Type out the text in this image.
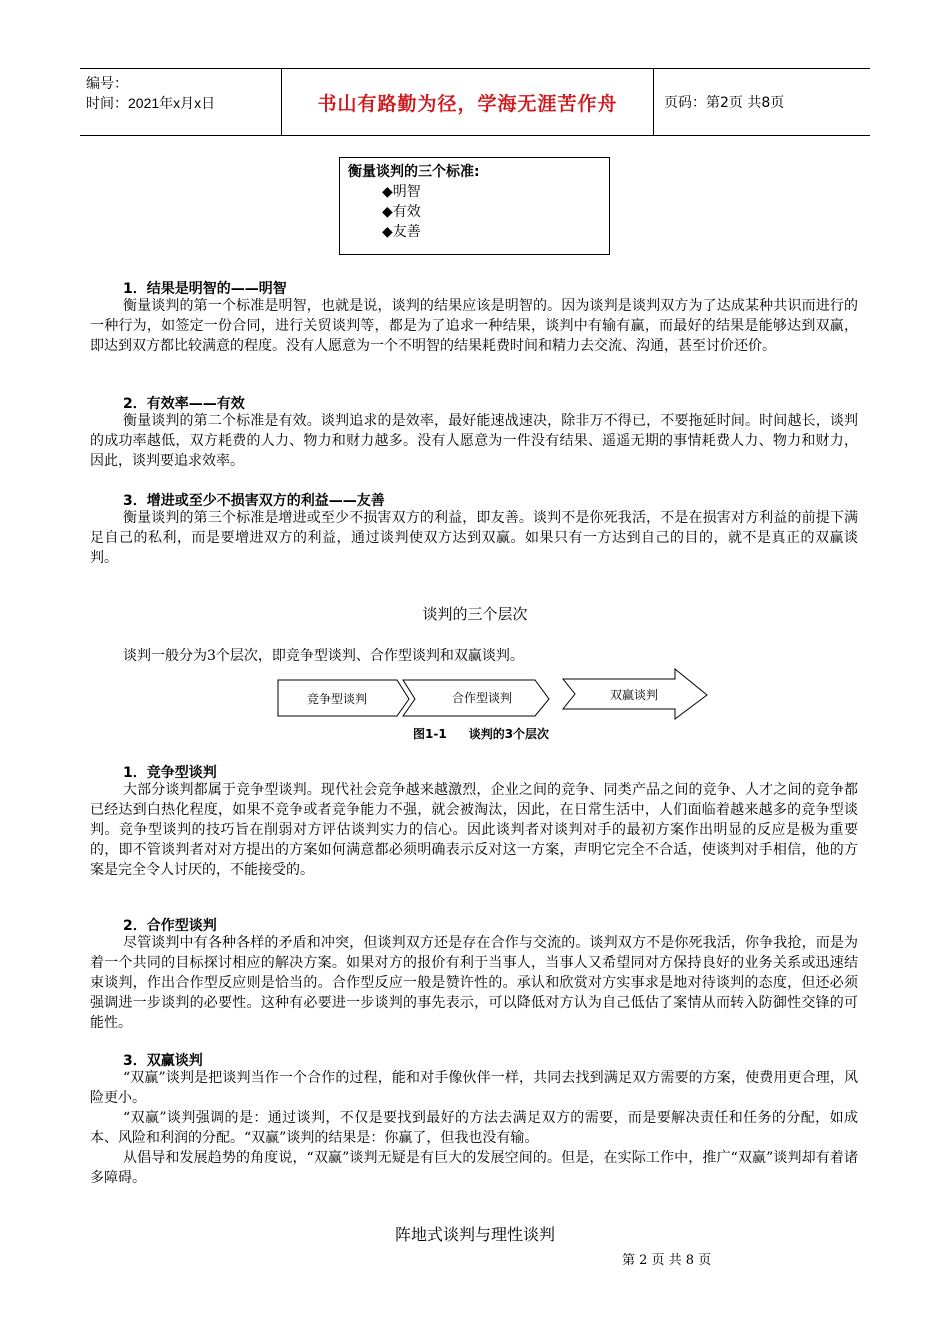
编号：
时间：2021年x月x日	书山有路勤为径，学海无涯苦作舟	页码：第2页 共8页
衡量谈判的三个标准:
◆明智
◆有效
◆友善
1．结果是明智的——明智
衡量谈判的第一个标准是明智，也就是说，谈判的结果应该是明智的。因为谈判是谈判双方为了达成某种共识而进行的一种行为，如签定一份合同，进行关贸谈判等，都是为了追求一种结果，谈判中有输有赢，而最好的结果是能够达到双赢，即达到双方都比较满意的程度。没有人愿意为一个不明智的结果耗费时间和精力去交流、沟通，甚至讨价还价。
2．有效率——有效
衡量谈判的第二个标准是有效。谈判追求的是效率，最好能速战速决，除非万不得已，不要拖延时间。时间越长，谈判的成功率越低，双方耗费的人力、物力和财力越多。没有人愿意为一件没有结果、遥遥无期的事情耗费人力、物力和财力，因此，谈判要追求效率。
3．增进或至少不损害双方的利益——友善
衡量谈判的第三个标准是增进或至少不损害双方的利益，即友善。谈判不是你死我活，不是在损害对方利益的前提下满足自己的私利，而是要增进双方的利益，通过谈判使双方达到双赢。如果只有一方达到自己的目的，就不是真正的双赢谈判。
谈判的三个层次
谈判一般分为3个层次，即竞争型谈判、合作型谈判和双赢谈判。
竞争型谈判	合作型谈判	双赢谈判
图1-1 谈判的3个层次
1．竞争型谈判
大部分谈判都属于竞争型谈判。现代社会竞争越来越激烈，企业之间的竞争、同类产品之间的竞争、人才之间的竞争都已经达到白热化程度，如果不竞争或者竞争能力不强，就会被淘汰，因此，在日常生活中，人们面临着越来越多的竞争型谈判。竞争型谈判的技巧旨在削弱对方评估谈判实力的信心。因此谈判者对谈判对手的最初方案作出明显的反应是极为重要的，即不管谈判者对对方提出的方案如何满意都必须明确表示反对这一方案，声明它完全不合适，使谈判对手相信，他的方案是完全令人讨厌的，不能接受的。
2．合作型谈判
尽管谈判中有各种各样的矛盾和冲突，但谈判双方还是存在合作与交流的。谈判双方不是你死我活，你争我抢，而是为着一个共同的目标探讨相应的解决方案。如果对方的报价有利于当事人，当事人又希望同对方保持良好的业务关系或迅速结束谈判，作出合作型反应则是恰当的。合作型反应一般是赞许性的。承认和欣赏对方实事求是地对待谈判的态度，但还必须强调进一步谈判的必要性。这种有必要进一步谈判的事先表示，可以降低对方认为自己低估了案情从而转入防御性交锋的可能性。
3．双赢谈判
“双赢”谈判是把谈判当作一个合作的过程，能和对手像伙伴一样，共同去找到满足双方需要的方案，使费用更合理，风险更小。
“双赢”谈判强调的是：通过谈判，不仅是要找到最好的方法去满足双方的需要，而是要解决责任和任务的分配，如成本、风险和利润的分配。“双赢”谈判的结果是：你赢了，但我也没有输。
从倡导和发展趋势的角度说，“双赢”谈判无疑是有巨大的发展空间的。但是，在实际工作中，推广“双赢”谈判却有着诸多障碍。
阵地式谈判与理性谈判
第 2 页 共 8 页
